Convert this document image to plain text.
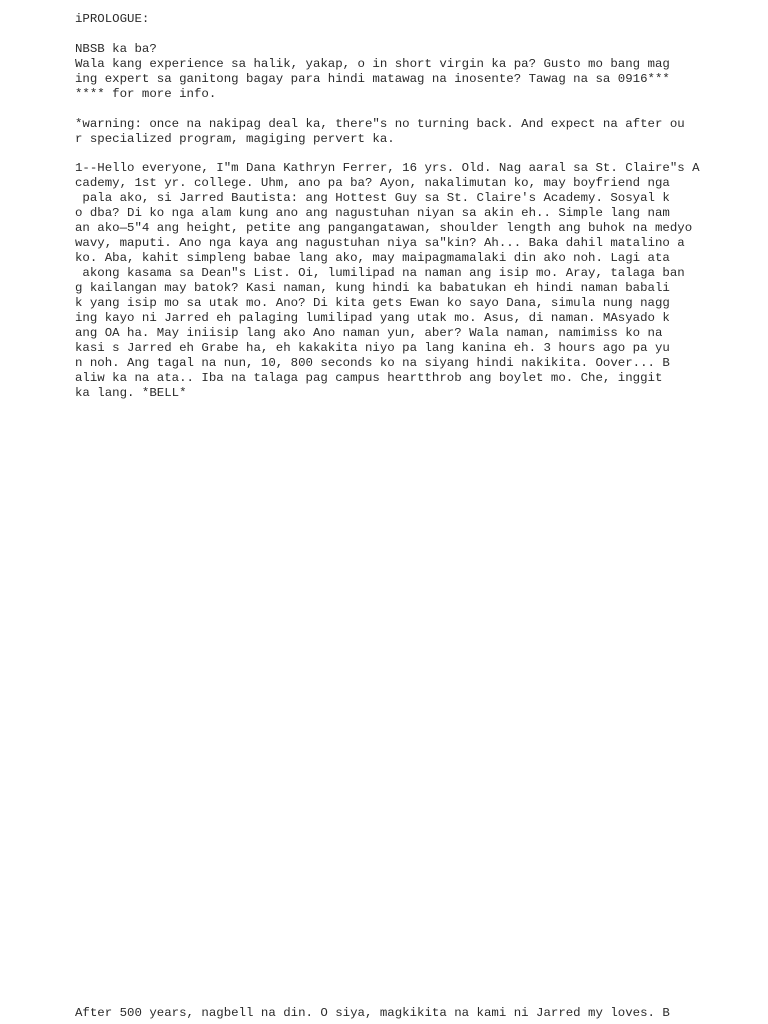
iPROLOGUE:

NBSB ka ba?

Wala kang experience sa halik, yakap, o in short virgin ka pa? Gusto mo bang mag

ing expert sa ganitong bagay para hindi matawag na inosente? Tawag na sa 0916***

**** for more info.

*warning: once na nakipag deal ka, there"s no turning back. And expect na after ou

r specialized program, magiging pervert ka.

1--Hello everyone, I"m Dana Kathryn Ferrer, 16 yrs. Old. Nag aaral sa St. Claire"s A

cademy, 1st yr. college. Uhm, ano pa ba? Ayon, nakalimutan ko, may boyfriend nga

pala ako, si Jarred Bautista: ang Hottest Guy sa St. Claire's Academy. Sosyal k

o dba? Di ko nga alam kung ano ang nagustuhan niyan sa akin eh.. Simple lang nam

an ako—5"4 ang height, petite ang pangangatawan, shoulder length ang buhok na medyo

wavy, maputi. Ano nga kaya ang nagustuhan niya sa"kin? Ah... Baka dahil matalino a

ko. Aba, kahit simpleng babae lang ako, may maipagmamalaki din ako noh. Lagi ata

akong kasama sa Dean"s List. Oi, lumilipad na naman ang isip mo. Aray, talaga ban

g kailangan may batok? Kasi naman, kung hindi ka babatukan eh hindi naman babali

k yang isip mo sa utak mo. Ano? Di kita gets Ewan ko sayo Dana, simula nung nagg

ing kayo ni Jarred eh palaging lumilipad yang utak mo. Asus, di naman. MAsyado k

ang OA ha. May iniisip lang ako Ano naman yun, aber? Wala naman, namimiss ko na

kasi s Jarred eh Grabe ha, eh kakakita niyo pa lang kanina eh. 3 hours ago pa yu

n noh. Ang tagal na nun, 10, 800 seconds ko na siyang hindi nakikita. Oover... B

aliw ka na ata.. Iba na talaga pag campus heartthrob ang boylet mo. Che, inggit

ka lang. *BELL*

After 500 years, nagbell na din. O siya, magkikita na kami ni Jarred my loves. B
